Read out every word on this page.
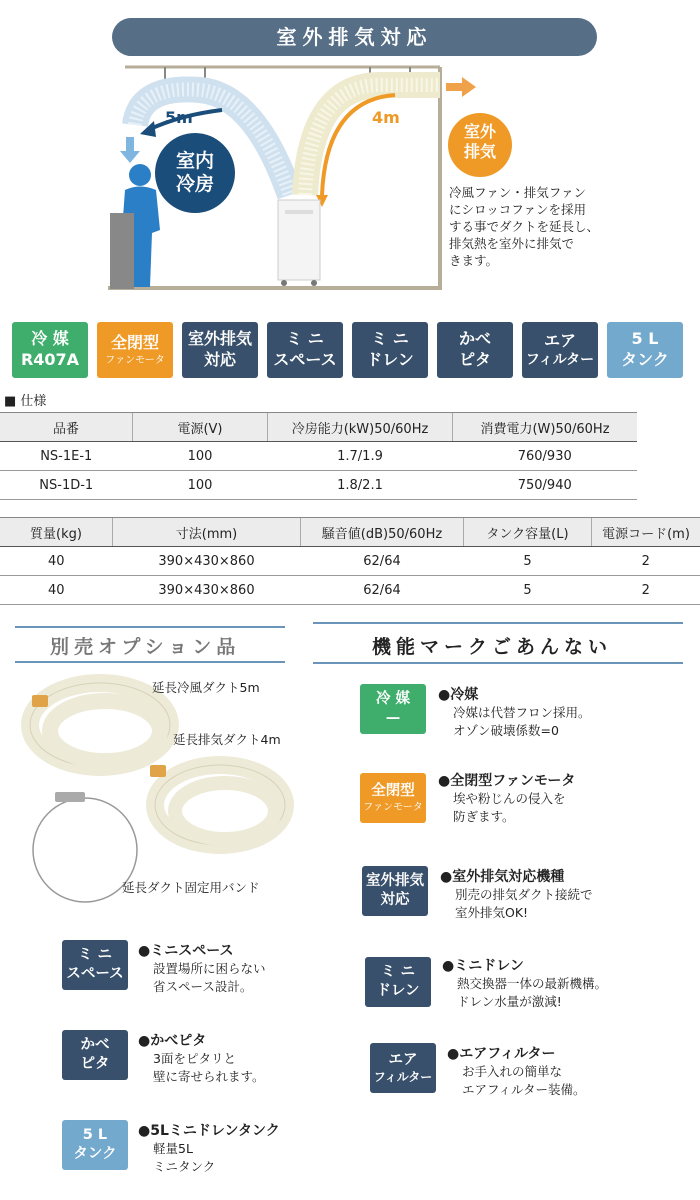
室外排気対応
5m	4m
室内
冷房
室外
排気
冷風ファン・排気ファン
にシロッコファンを採用
する事でダクトを延長し、
排気熱を室外に排気で
きます。
冷 媒
R407A
全閉型
ファンモータ
室外排気
対応
ミ ニ
スペース
ミ ニ
ドレン
かべ
ピタ
エア
フィルター
5 L
タンク
■ 仕様
品番	電源(V)	冷房能力(kW)50/60Hz	消費電力(W)50/60Hz
NS-1E-1	100	1.7/1.9	760/930
NS-1D-1	100	1.8/2.1	750/940
質量(kg)	寸法(mm)	騒音値(dB)50/60Hz	タンク容量(L)	電源コード(m)
40	390×430×860	62/64	5	2
40	390×430×860	62/64	5	2
別売オプション品
延長冷風ダクト5m
延長排気ダクト4m
延長ダクト固定用バンド
機能マークごあんない
冷 媒
—
●冷媒
冷媒は代替フロン採用。
オゾン破壊係数=0
全閉型
ファンモータ
●全閉型ファンモータ
埃や粉じんの侵入を
防ぎます。
室外排気
対応
●室外排気対応機種
別売の排気ダクト接続で
室外排気OK!
ミ ニ
スペース
●ミニスペース
設置場所に困らない
省スペース設計。
ミ ニ
ドレン
●ミニドレン
熱交換器一体の最新機構。
ドレン水量が激減!
かべ
ピタ
●かべピタ
3面をピタリと
壁に寄せられます。
エア
フィルター
●エアフィルター
お手入れの簡単な
エアフィルター装備。
5 L
タンク
●5Lミニドレンタンク
軽量5L
ミニタンク
